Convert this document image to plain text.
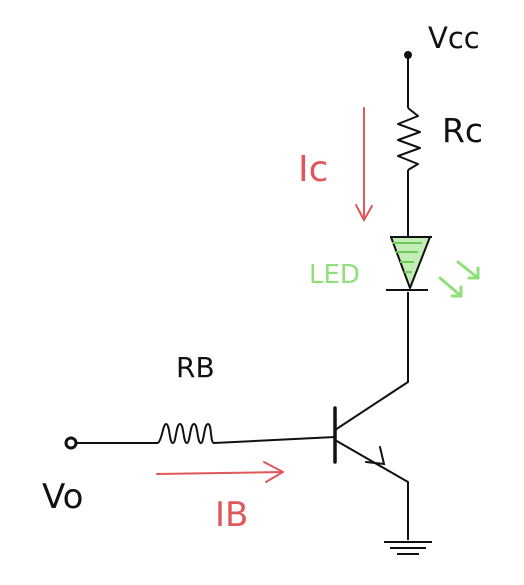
Vcc
Rc
Ic
LED
RB
Vo	IB
